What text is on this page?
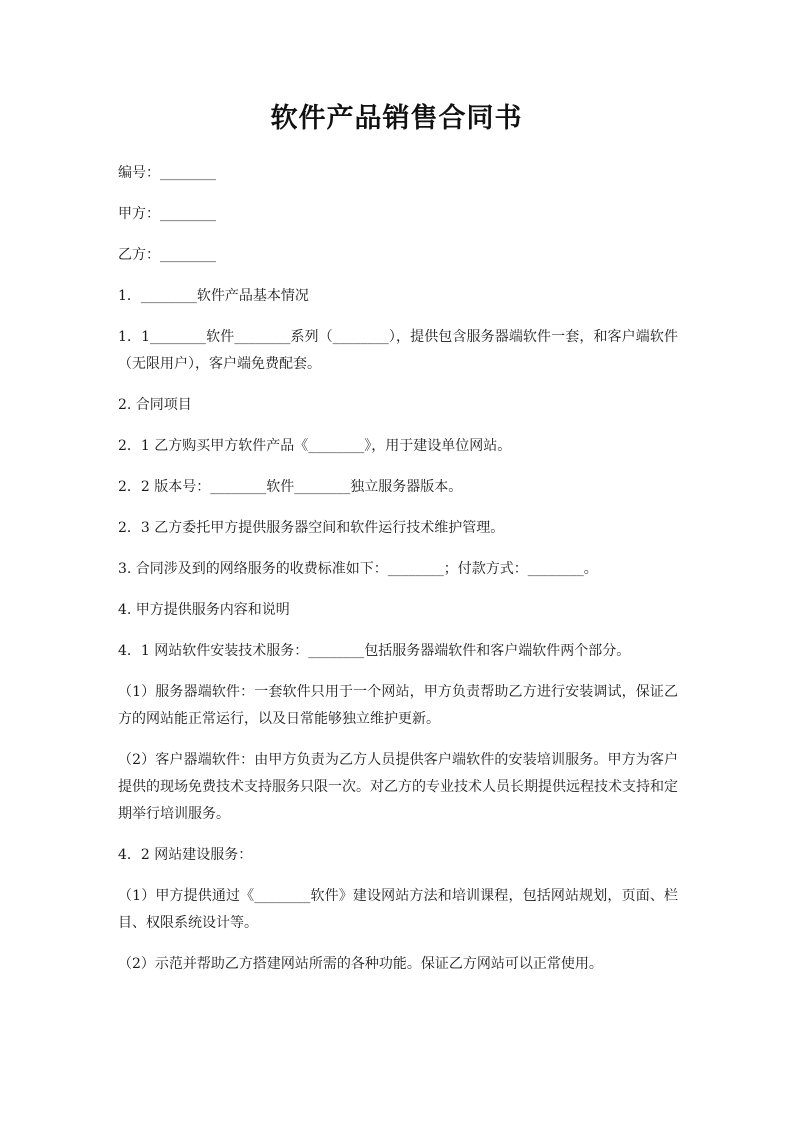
软件产品销售合同书

编号：________

甲方：________

乙方：________

1．________软件产品基本情况

1．1________软件________系列（________），提供包含服务器端软件一套，和客户端软件（无限用户），客户端免费配套。

2. 合同项目

2．1 乙方购买甲方软件产品《________》，用于建设单位网站。

2．2 版本号：________软件________独立服务器版本。

2．3 乙方委托甲方提供服务器空间和软件运行技术维护管理。

3. 合同涉及到的网络服务的收费标准如下：________；付款方式：________。

4. 甲方提供服务内容和说明

4．1 网站软件安装技术服务：________包括服务器端软件和客户端软件两个部分。

（1）服务器端软件：一套软件只用于一个网站，甲方负责帮助乙方进行安装调试，保证乙方的网站能正常运行，以及日常能够独立维护更新。

（2）客户器端软件：由甲方负责为乙方人员提供客户端软件的安装培训服务。甲方为客户提供的现场免费技术支持服务只限一次。对乙方的专业技术人员长期提供远程技术支持和定期举行培训服务。

4．2 网站建设服务：

（1）甲方提供通过《________软件》建设网站方法和培训课程，包括网站规划，页面、栏目、权限系统设计等。

（2）示范并帮助乙方搭建网站所需的各种功能。保证乙方网站可以正常使用。
